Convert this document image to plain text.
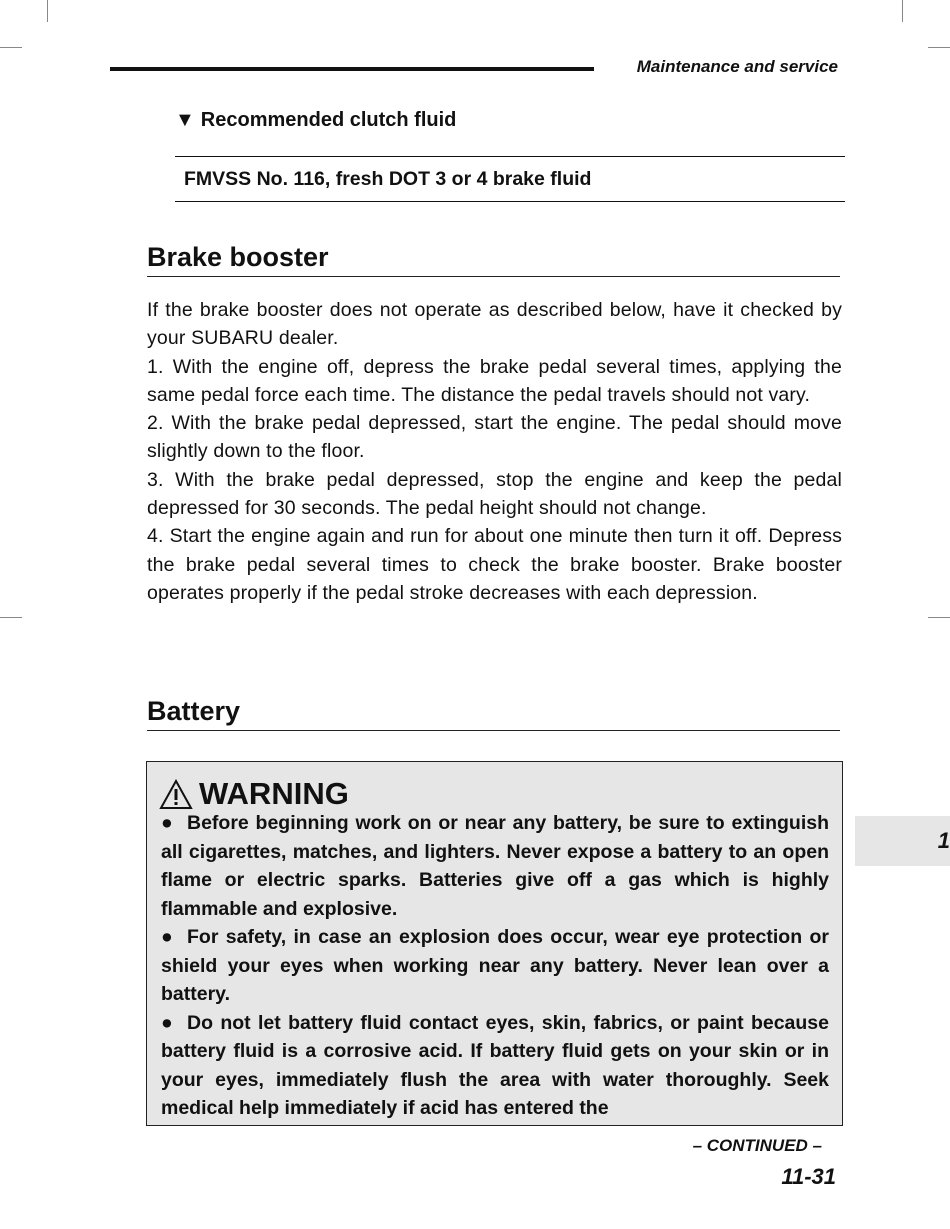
Maintenance and service
▼ Recommended clutch fluid
FMVSS No. 116, fresh DOT 3 or 4 brake fluid
Brake booster

If the brake booster does not operate as described below, have it checked by your SUBARU dealer.

1. With the engine off, depress the brake pedal several times, applying the same pedal force each time. The distance the pedal travels should not vary.

2. With the brake pedal depressed, start the engine. The pedal should move slightly down to the floor.

3. With the brake pedal depressed, stop the engine and keep the pedal depressed for 30 seconds. The pedal height should not change.

4. Start the engine again and run for about one minute then turn it off. Depress the brake pedal several times to check the brake booster. Brake booster operates properly if the pedal stroke decreases with each depression.

Battery
WARNING

● Before beginning work on or near any battery, be sure to extinguish all cigarettes, matches, and lighters. Never expose a battery to an open flame or electric sparks. Batteries give off a gas which is highly flammable and explosive.

● For safety, in case an explosion does occur, wear eye protection or shield your eyes when working near any battery. Never lean over a battery.

● Do not let battery fluid contact eyes, skin, fabrics, or paint because battery fluid is a corrosive acid. If battery fluid gets on your skin or in your eyes, immediately flush the area with water thoroughly. Seek medical help immediately if acid has entered the

1
– CONTINUED –
11-31
